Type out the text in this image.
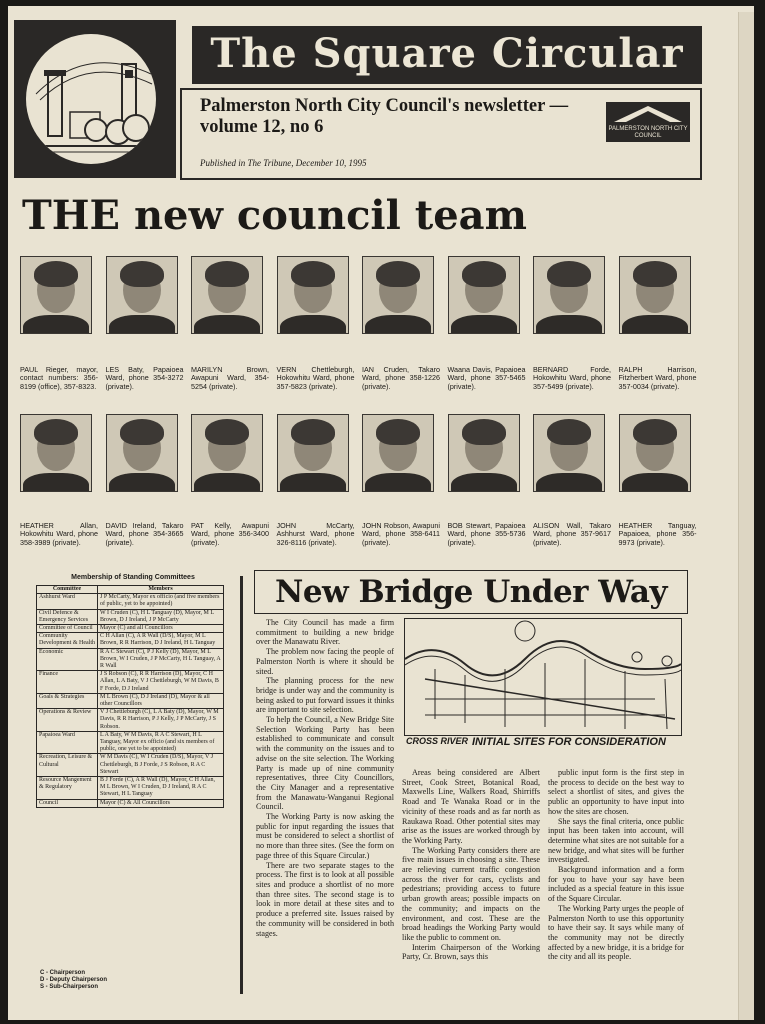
The Square Circular
Palmerston North City Council's newsletter — volume 12, no 6
Published in The Tribune, December 10, 1995
PALMERSTON NORTH CITY COUNCIL
THE new council team
PAUL Rieger, mayor, contact numbers: 356-8199 (office), 357-8323.
LES Baty, Papaioea Ward, phone 354-3272 (private).
MARILYN Brown, Awapuni Ward, 354-5254 (private).
VERN Chettleburgh, Hokowhitu Ward, phone 357-5823 (private).
IAN Cruden, Takaro Ward, phone 358-1226 (private).
Waana Davis, Papaioea Ward, phone 357-5465 (private).
BERNARD Forde, Hokowhitu Ward, phone 357-5499 (private).
RALPH Harrison, Fitzherbert Ward, phone 357-0034 (private).
HEATHER Allan, Hokowhitu Ward, phone 358-3989 (private).
DAVID Ireland, Takaro Ward, phone 354-3665 (private).
PAT Kelly, Awapuni Ward, phone 356-3400 (private).
JOHN McCarty, Ashhurst Ward, phone 326-8116 (private).
JOHN Robson, Awapuni Ward, phone 358-6411 (private).
BOB Stewart, Papaioea Ward, phone 355-5736 (private).
ALISON Wall, Takaro Ward, phone 357-9617 (private).
HEATHER Tanguay, Papaioea, phone 356-9973 (private).
Membership of Standing Committees
Committee	Members
Ashhurst Ward	J P McCarty, Mayor ex officio (and five members of public, yet to be appointed)
Civil Defence & Emergency Services	W I Cruden (C), H L Tanguay (D), Mayor, M L Brown, D J Ireland, J P McCarty
Committee of Council	Mayor (C) and all Councillors
Community Development & Health	C H Allan (C), A R Wall (D/S), Mayor, M L Brown, R R Harrison, D J Ireland, H L Tanguay
Economic	R A C Stewart (C), P J Kelly (D), Mayor, M L Brown, W I Cruden, J P McCarty, H L Tanguay, A R Wall
Finance	J S Robson (C), R R Harrison (D), Mayor, C H Allan, L A Baty, V J Chettleburgh, W M Davis, B F Forde, D J Ireland
Goals & Strategies	M L Brown (C), D J Ireland (D), Mayor & all other Councillors
Operations & Review	V J Chettleburgh (C), L A Baty (D), Mayor, W M Davis, R R Harrison, P J Kelly, J P McCarty, J S Robson.
Papaioea Ward	L A Baty, W M Davis, R A C Stewart, H L Tanguay, Mayor ex officio (and six members of public, one yet to be appointed)
Recreation, Leisure & Cultural	W M Davis (C), W I Cruden (D/S), Mayor, V J Chettleburgh, B J Forde, J S Robson, R A C Stewart
Resource Mangement & Regulatory	B J Forde (C), A R Wall (D), Mayor, C H Allan, M L Brown, W I Cruden, D J Ireland, R A C Stewart, H L Tanguay
Council	Mayor (C) & All Councillors
C - Chairperson
D - Deputy Chairperson
S - Sub-Chairperson
New Bridge Under Way

The City Council has made a firm commitment to building a new bridge over the Manawatu River.

The problem now facing the people of Palmerston North is where it should be sited.

The planning process for the new bridge is under way and the community is being asked to put forward issues it thinks are important to site selection.

To help the Council, a New Bridge Site Selection Working Party has been established to communicate and consult with the community on the issues and to advise on the site selection. The Working Party is made up of nine community representatives, three City Councillors, the City Manager and a representative from the Manawatu-Wanganui Regional Council.

The Working Party is now asking the public for input regarding the issues that must be considered to select a shortlist of no more than three sites. (See the form on page three of this Square Circular.)

There are two separate stages to the process. The first is to look at all possible sites and produce a shortlist of no more than three sites. The second stage is to look in more detail at these sites and to produce a preferred site. Issues raised by the community will be considered in both stages.

CROSS RIVER INITIAL SITES FOR CONSIDERATION

Areas being considered are Albert Street, Cook Street, Botanical Road, Maxwells Line, Walkers Road, Shirriffs Road and Te Wanaka Road or in the vicinity of these roads and as far north as Raukawa Road. Other potential sites may arise as the issues are worked through by the Working Party.

The Working Party considers there are five main issues in choosing a site. These are relieving current traffic congestion across the river for cars, cyclists and pedestrians; providing access to future urban growth areas; possible impacts on the community; and impacts on the environment, and cost. These are the broad headings the Working Party would like the public to comment on.

Interim Chairperson of the Working Party, Cr. Brown, says this

public input form is the first step in the process to decide on the best way to select a shortlist of sites, and gives the public an opportunity to have input into how the sites are chosen.

She says the final criteria, once public input has been taken into account, will determine what sites are not suitable for a new bridge, and what sites will be further investigated.

Background information and a form for you to have your say have been included as a special feature in this issue of the Square Circular.

The Working Party urges the people of Palmerston North to use this opportunity to have their say. It says while many of the community may not be directly affected by a new bridge, it is a bridge for the city and all its people.
